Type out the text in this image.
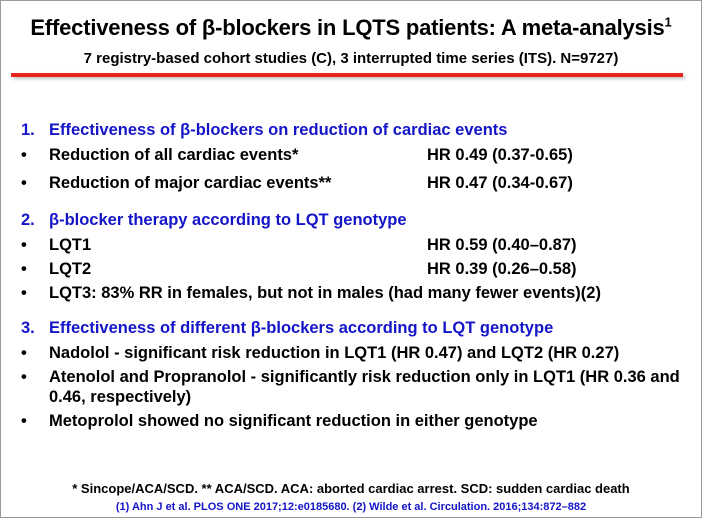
Effectiveness of β-blockers in LQTS patients: A meta-analysis$^1$
7 registry-based cohort studies (C), 3 interrupted time series (ITS). N=9727)
1. Effectiveness of β-blockers on reduction of cardiac events
•	Reduction of all cardiac events*	HR 0.49 (0.37-0.65)
•	Reduction of major cardiac events**	HR 0.47 (0.34-0.67)
2. β-blocker therapy according to LQT genotype
•	LQT1	HR 0.59 (0.40–0.87)
•	LQT2	HR 0.39 (0.26–0.58)
•	LQT3: 83% RR in females, but not in males (had many fewer events)(2)
3. Effectiveness of different β-blockers according to LQT genotype
•	Nadolol - significant risk reduction in LQT1 (HR 0.47) and LQT2 (HR 0.27)
•	Atenolol and Propranolol - significantly risk reduction only in LQT1 (HR 0.36 and 0.46, respectively)
•	Metoprolol showed no significant reduction in either genotype
* Sincope/ACA/SCD. ** ACA/SCD. ACA: aborted cardiac arrest. SCD: sudden cardiac death
(1) Ahn J et al. PLOS ONE 2017;12:e0185680. (2) Wilde et al. Circulation. 2016;134:872–882
